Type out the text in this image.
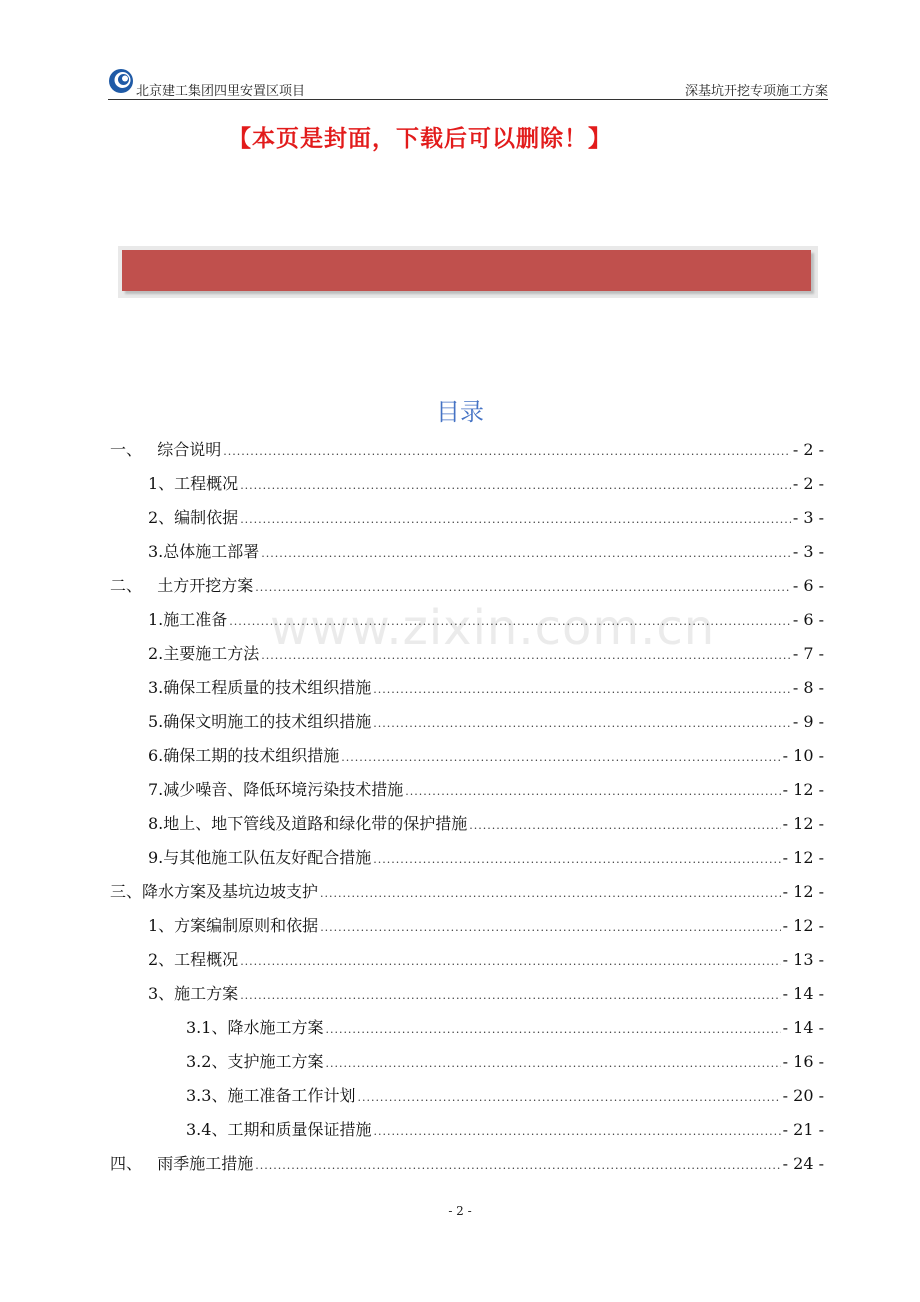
北京建工集团四里安置区项目	深基坑开挖专项施工方案
【本页是封面，下载后可以删除！】
www.zixin.com.cn
目录
一、   综合说明 .....	- 2 -
1、工程概况 .....	- 2 -
2、编制依据 .....	- 3 -
3.总体施工部署 .....	- 3 -
二、   土方开挖方案 .....	- 6 -
1.施工准备 .....	- 6 -
2.主要施工方法 .....	- 7 -
3.确保工程质量的技术组织措施 .....	- 8 -
5.确保文明施工的技术组织措施 .....	- 9 -
6.确保工期的技术组织措施 .....	- 10 -
7.减少噪音、降低环境污染技术措施 .....	- 12 -
8.地上、地下管线及道路和绿化带的保护措施 .....	- 12 -
9.与其他施工队伍友好配合措施 .....	- 12 -
三、降水方案及基坑边坡支护 .....	- 12 -
1、方案编制原则和依据 .....	- 12 -
2、工程概况 .....	- 13 -
3、施工方案 .....	- 14 -
3.1、降水施工方案 .....	- 14 -
3.2、支护施工方案 .....	- 16 -
3.3、施工准备工作计划 .....	- 20 -
3.4、工期和质量保证措施 .....	- 21 -
四、   雨季施工措施 .....	- 24 -
- 2 -
